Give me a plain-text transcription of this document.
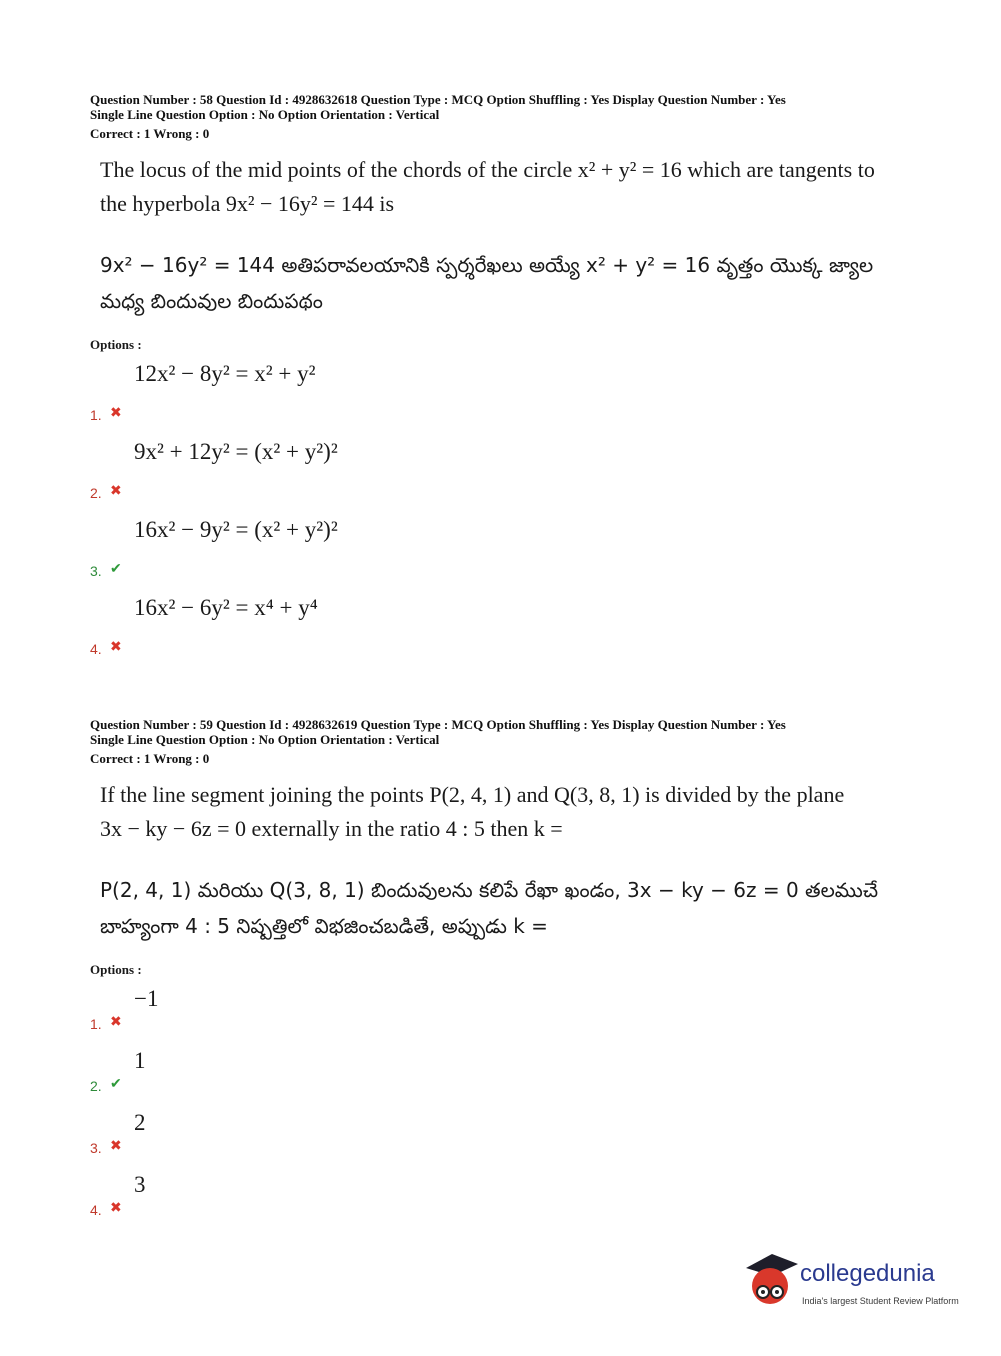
Question Number : 58 Question Id : 4928632618 Question Type : MCQ Option Shuffling : Yes Display Question Number : Yes
Single Line Question Option : No Option Orientation : Vertical
Correct : 1 Wrong : 0
The locus of the mid points of the chords of the circle x² + y² = 16 which are tangents to
the hyperbola 9x² − 16y² = 144 is
9x² − 16y² = 144 అతిపరావలయానికి స్పర్శరేఖలు అయ్యే x² + y² = 16 వృత్తం యొక్క జ్యాల
మధ్య బిందువుల బిందుపథం
Options :
1. ✖
12x² − 8y² = x² + y²
2. ✖
9x² + 12y² = (x² + y²)²
3. ✔
16x² − 9y² = (x² + y²)²
4. ✖
16x² − 6y² = x⁴ + y⁴
Question Number : 59 Question Id : 4928632619 Question Type : MCQ Option Shuffling : Yes Display Question Number : Yes
Single Line Question Option : No Option Orientation : Vertical
Correct : 1 Wrong : 0
If the line segment joining the points P(2, 4, 1) and Q(3, 8, 1) is divided by the plane
3x − ky − 6z = 0 externally in the ratio 4 : 5 then k =
P(2, 4, 1) మరియు Q(3, 8, 1) బిందువులను కలిపే రేఖా ఖండం, 3x − ky − 6z = 0 తలముచే
బాహ్యంగా 4 : 5 నిష్పత్తిలో విభజించబడితే, అప్పుడు k =
Options :
1. ✖
−1
2. ✔
1
3. ✖
2
4. ✖
3
collegedunia
India's largest Student Review Platform
